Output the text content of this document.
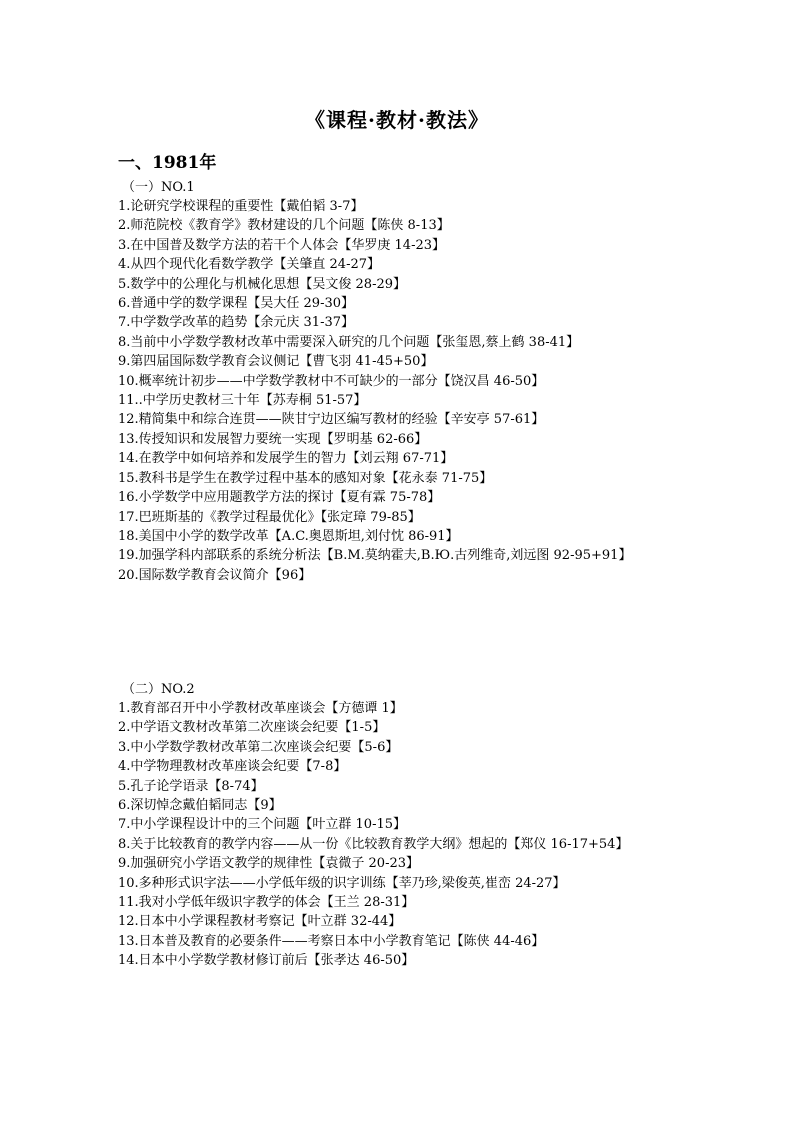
《课程·教材·教法》
一、1981年
（一）NO.1
1.论研究学校课程的重要性【戴伯韬 3-7】
2.师范院校《教育学》教材建设的几个问题【陈侠 8-13】
3.在中国普及数学方法的若干个人体会【华罗庚 14-23】
4.从四个现代化看数学教学【关肇直 24-27】
5.数学中的公理化与机械化思想【吴文俊 28-29】
6.普通中学的数学课程【吴大任 29-30】
7.中学数学改革的趋势【余元庆 31-37】
8.当前中小学数学教材改革中需要深入研究的几个问题【张玺恩,蔡上鹤 38-41】
9.第四届国际数学教育会议侧记【曹飞羽 41-45+50】
10.概率统计初步——中学数学教材中不可缺少的一部分【饶汉昌 46-50】
11..中学历史教材三十年【苏寿桐 51-57】
12.精简集中和综合连贯——陕甘宁边区编写教材的经验【辛安亭 57-61】
13.传授知识和发展智力要统一实现【罗明基 62-66】
14.在教学中如何培养和发展学生的智力【刘云翔 67-71】
15.教科书是学生在教学过程中基本的感知对象【花永泰 71-75】
16.小学数学中应用题教学方法的探讨【夏有霖 75-78】
17.巴班斯基的《教学过程最优化》【张定璋 79-85】
18.美国中小学的数学改革【A.C.奥恩斯坦,刘付忱 86-91】
19.加强学科内部联系的系统分析法【В.М.莫纳霍夫,В.Ю.古列维奇,刘远图 92-95+91】
20.国际数学教育会议简介【96】
（二）NO.2
1.教育部召开中小学教材改革座谈会【方德谭 1】
2.中学语文教材改革第二次座谈会纪要【1-5】
3.中小学数学教材改革第二次座谈会纪要【5-6】
4.中学物理教材改革座谈会纪要【7-8】
5.孔子论学语录【8-74】
6.深切悼念戴伯韬同志【9】
7.中小学课程设计中的三个问题【叶立群 10-15】
8.关于比较教育的教学内容——从一份《比较教育教学大纲》想起的【郑仪 16-17+54】
9.加强研究小学语文教学的规律性【袁微子 20-23】
10.多种形式识字法——小学低年级的识字训练【莘乃珍,梁俊英,崔峦 24-27】
11.我对小学低年级识字教学的体会【王兰 28-31】
12.日本中小学课程教材考察记【叶立群 32-44】
13.日本普及教育的必要条件——考察日本中小学教育笔记【陈侠 44-46】
14.日本中小学数学教材修订前后【张孝达 46-50】
